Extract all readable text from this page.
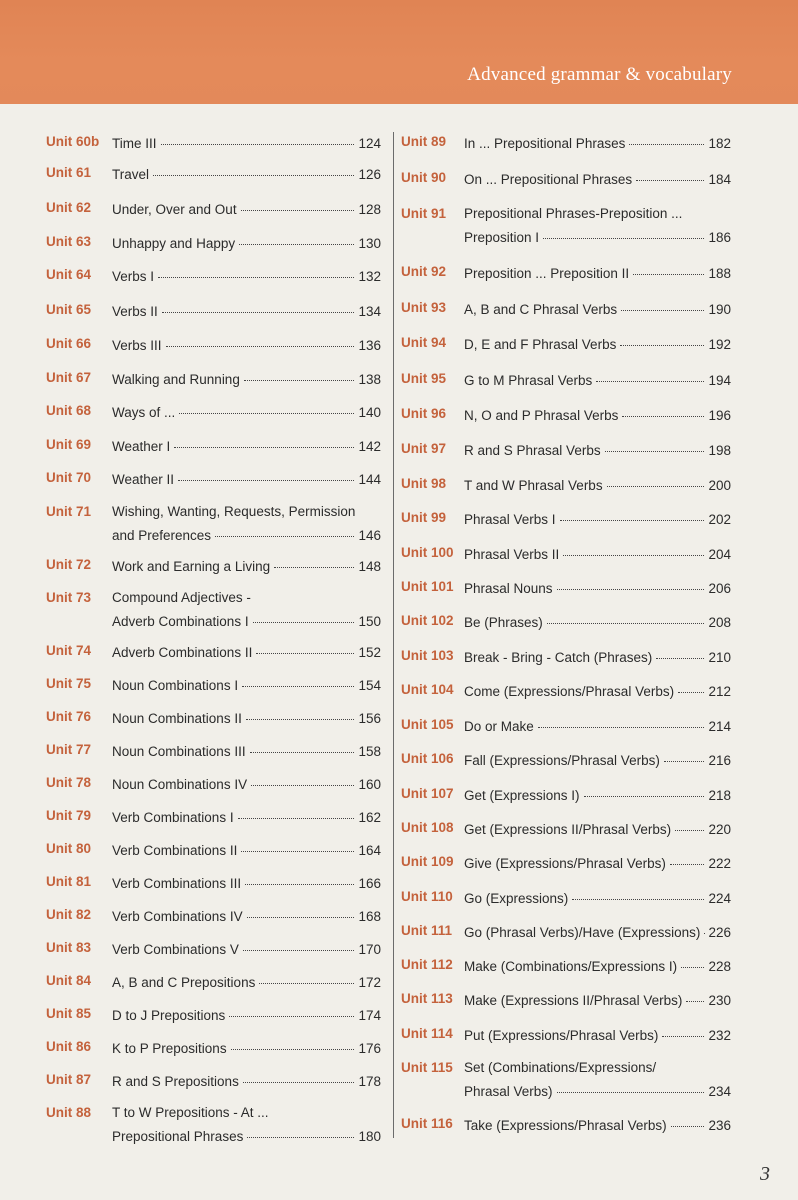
Advanced grammar & vocabulary
Unit 60b Time III	124
Unit 61 Travel	126
Unit 62 Under, Over and Out	128
Unit 63 Unhappy and Happy	130
Unit 64 Verbs I	132
Unit 65 Verbs II	134
Unit 66 Verbs III	136
Unit 67 Walking and Running	138
Unit 68 Ways of ...	140
Unit 69 Weather I	142
Unit 70 Weather II	144
Unit 71 Wishing, Wanting, Requests, Permission
and Preferences	146
Unit 72 Work and Earning a Living	148
Unit 73 Compound Adjectives -
Adverb Combinations I	150
Unit 74 Adverb Combinations II	152
Unit 75 Noun Combinations I	154
Unit 76 Noun Combinations II	156
Unit 77 Noun Combinations III	158
Unit 78 Noun Combinations IV	160
Unit 79 Verb Combinations I	162
Unit 80 Verb Combinations II	164
Unit 81 Verb Combinations III	166
Unit 82 Verb Combinations IV	168
Unit 83 Verb Combinations V	170
Unit 84 A, B and C Prepositions	172
Unit 85 D to J Prepositions	174
Unit 86 K to P Prepositions	176
Unit 87 R and S Prepositions	178
Unit 88 T to W Prepositions - At ...
Prepositional Phrases	180
Unit 89 In ... Prepositional Phrases	182
Unit 90 On ... Prepositional Phrases	184
Unit 91 Prepositional Phrases-Preposition ...
Preposition I	186
Unit 92 Preposition ... Preposition II	188
Unit 93 A, B and C Phrasal Verbs	190
Unit 94 D, E and F Phrasal Verbs	192
Unit 95 G to M Phrasal Verbs	194
Unit 96 N, O and P Phrasal Verbs	196
Unit 97 R and S Phrasal Verbs	198
Unit 98 T and W Phrasal Verbs	200
Unit 99 Phrasal Verbs I	202
Unit 100 Phrasal Verbs II	204
Unit 101 Phrasal Nouns	206
Unit 102 Be (Phrases)	208
Unit 103 Break - Bring - Catch (Phrases)	210
Unit 104 Come (Expressions/Phrasal Verbs)	212
Unit 105 Do or Make	214
Unit 106 Fall (Expressions/Phrasal Verbs)	216
Unit 107 Get (Expressions I)	218
Unit 108 Get (Expressions II/Phrasal Verbs)	220
Unit 109 Give (Expressions/Phrasal Verbs)	222
Unit 110 Go (Expressions)	224
Unit 111 Go (Phrasal Verbs)/Have (Expressions) 226
Unit 112 Make (Combinations/Expressions I) 228
Unit 113 Make (Expressions II/Phrasal Verbs) 230
Unit 114 Put (Expressions/Phrasal Verbs)	232
Unit 115 Set (Combinations/Expressions/
Phrasal Verbs)	234
Unit 116 Take (Expressions/Phrasal Verbs)	236
3
